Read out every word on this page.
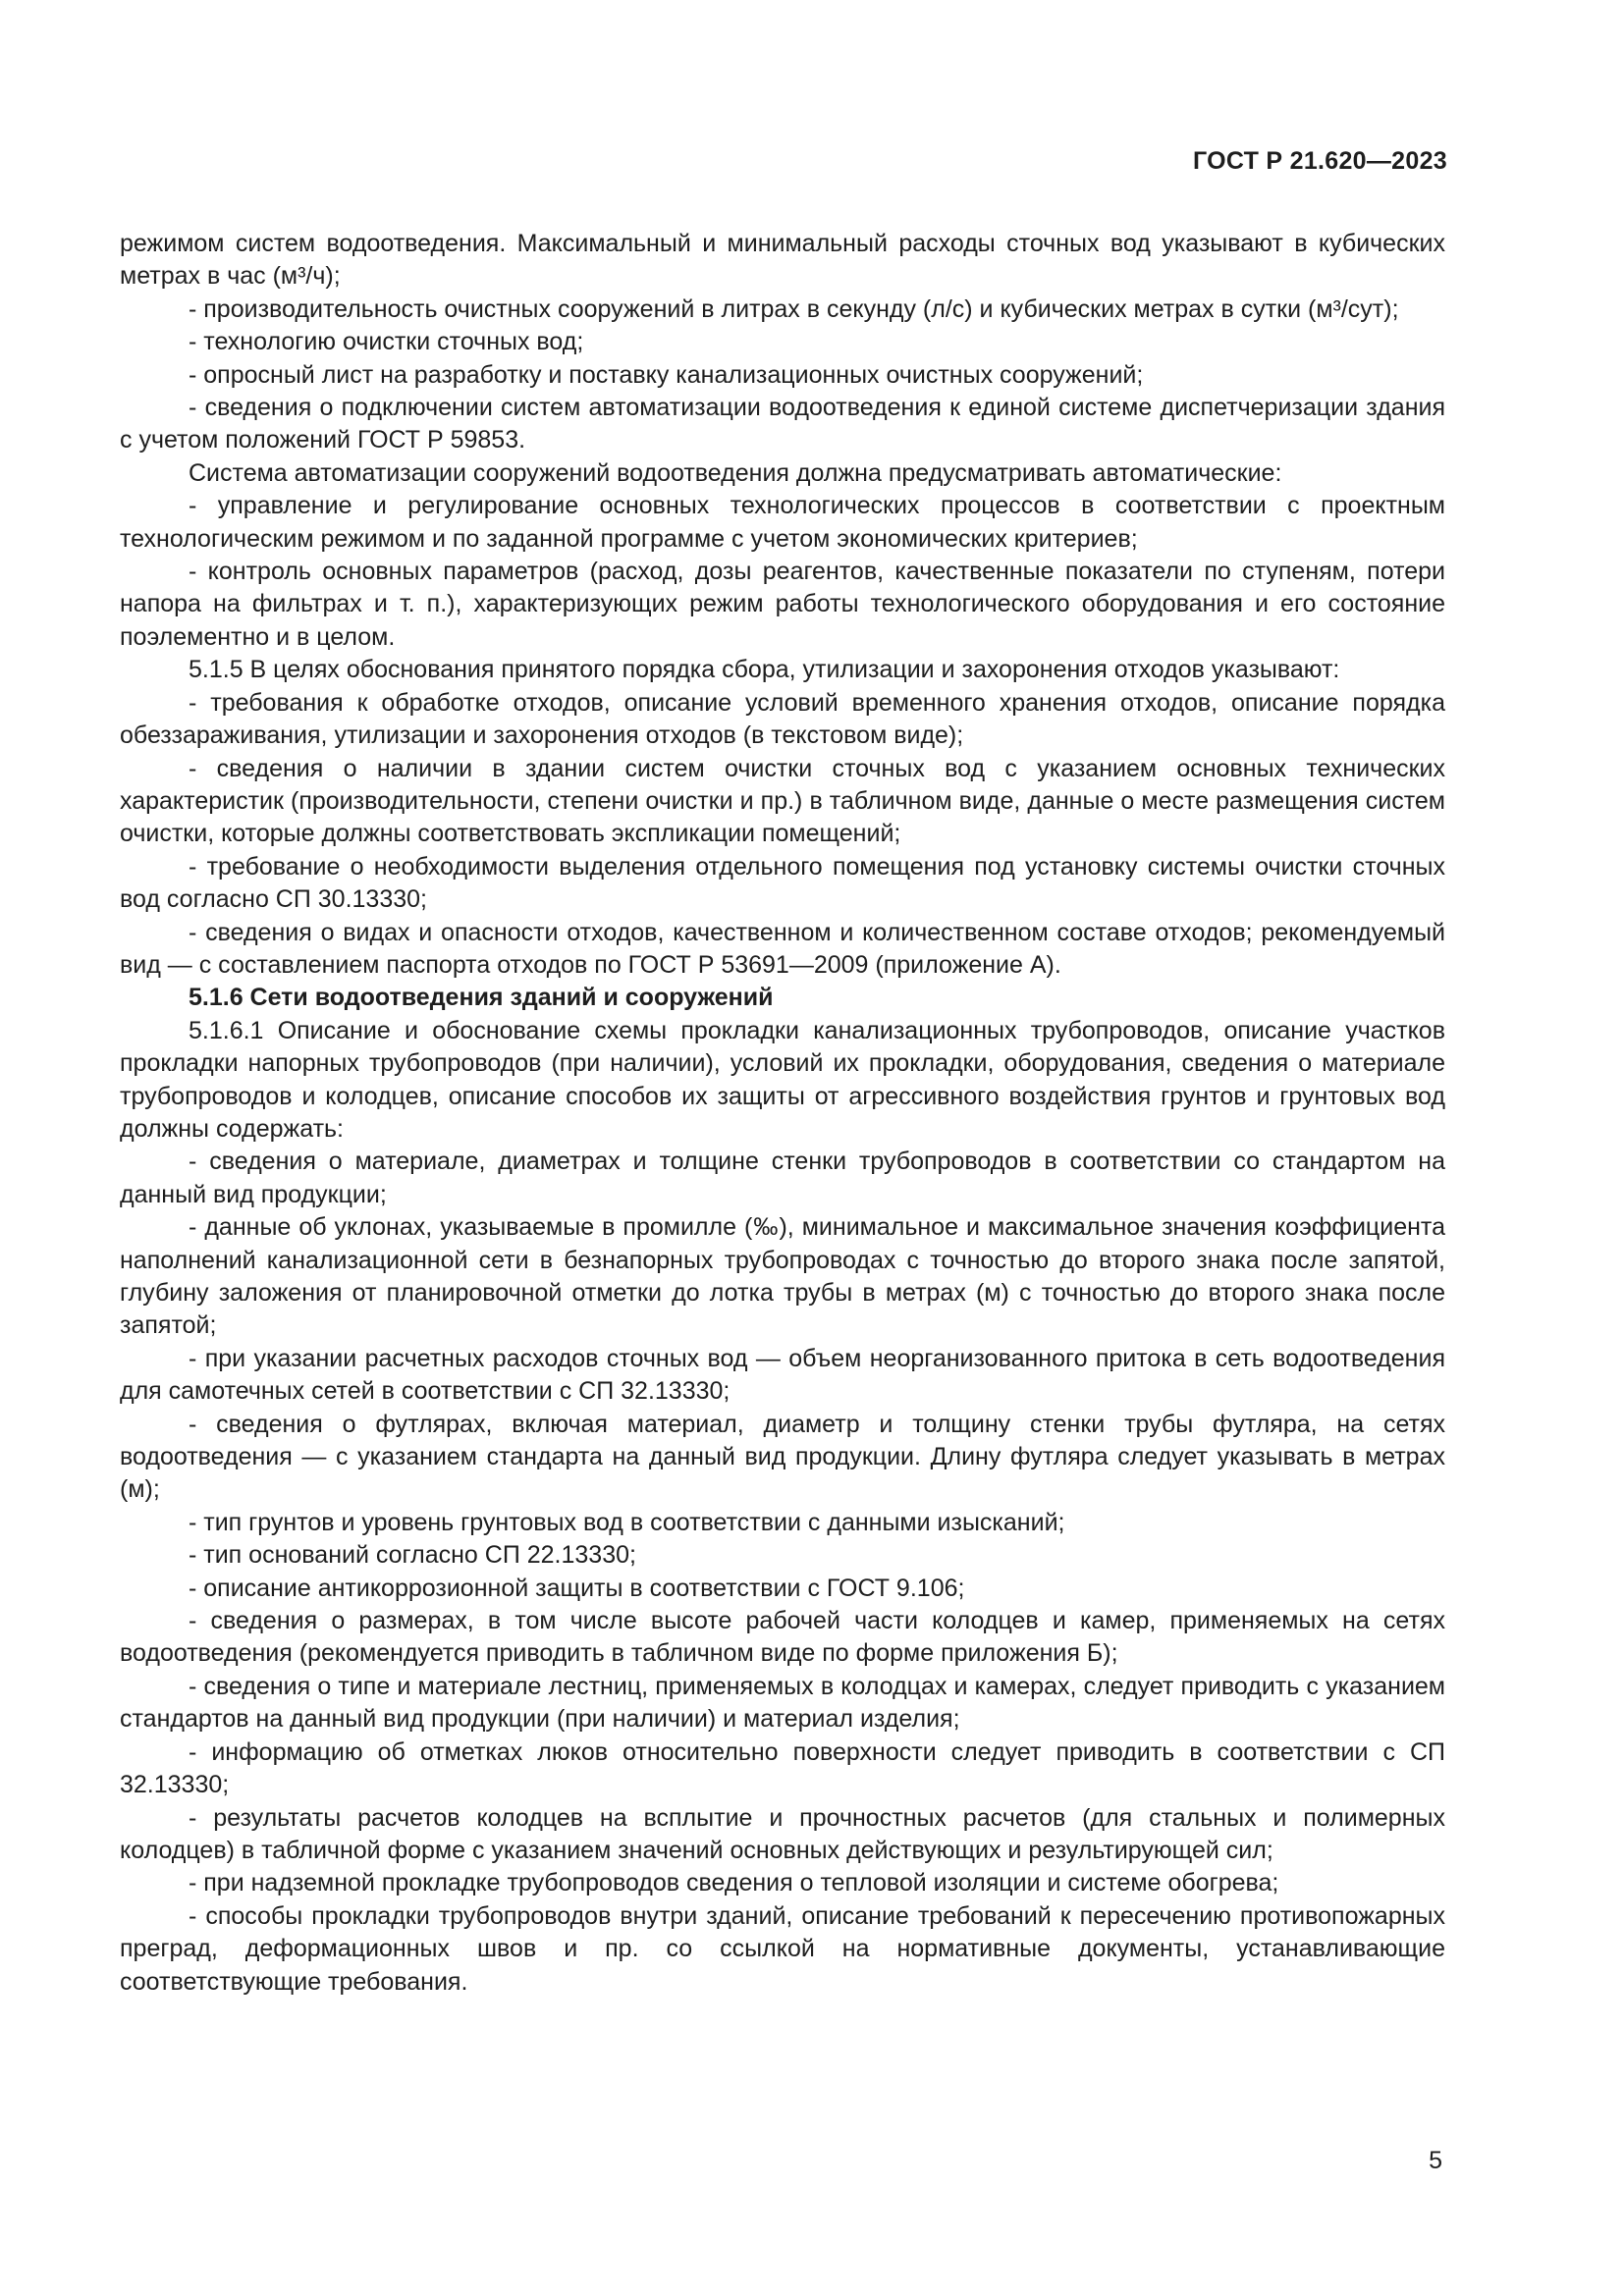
ГОСТ Р 21.620—2023

режимом систем водоотведения. Максимальный и минимальный расходы сточных вод указывают в кубических метрах в час (м³/ч);

- производительность очистных сооружений в литрах в секунду (л/с) и кубических метрах в сутки (м³/сут);

- технологию очистки сточных вод;

- опросный лист на разработку и поставку канализационных очистных сооружений;

- сведения о подключении систем автоматизации водоотведения к единой системе диспетчеризации здания с учетом положений ГОСТ Р 59853.

Система автоматизации сооружений водоотведения должна предусматривать автоматические:

- управление и регулирование основных технологических процессов в соответствии с проектным технологическим режимом и по заданной программе с учетом экономических критериев;

- контроль основных параметров (расход, дозы реагентов, качественные показатели по ступеням, потери напора на фильтрах и т. п.), характеризующих режим работы технологического оборудования и его состояние поэлементно и в целом.

5.1.5 В целях обоснования принятого порядка сбора, утилизации и захоронения отходов указывают:

- требования к обработке отходов, описание условий временного хранения отходов, описание порядка обеззараживания, утилизации и захоронения отходов (в текстовом виде);

- сведения о наличии в здании систем очистки сточных вод с указанием основных технических характеристик (производительности, степени очистки и пр.) в табличном виде, данные о месте размещения систем очистки, которые должны соответствовать экспликации помещений;

- требование о необходимости выделения отдельного помещения под установку системы очистки сточных вод согласно СП 30.13330;

- сведения о видах и опасности отходов, качественном и количественном составе отходов; рекомендуемый вид — с составлением паспорта отходов по ГОСТ Р 53691—2009 (приложение А).

5.1.6 Сети водоотведения зданий и сооружений

5.1.6.1 Описание и обоснование схемы прокладки канализационных трубопроводов, описание участков прокладки напорных трубопроводов (при наличии), условий их прокладки, оборудования, сведения о материале трубопроводов и колодцев, описание способов их защиты от агрессивного воздействия грунтов и грунтовых вод должны содержать:

- сведения о материале, диаметрах и толщине стенки трубопроводов в соответствии со стандартом на данный вид продукции;

- данные об уклонах, указываемые в промилле (‰), минимальное и максимальное значения коэффициента наполнений канализационной сети в безнапорных трубопроводах с точностью до второго знака после запятой, глубину заложения от планировочной отметки до лотка трубы в метрах (м) с точностью до второго знака после запятой;

- при указании расчетных расходов сточных вод — объем неорганизованного притока в сеть водоотведения для самотечных сетей в соответствии с СП 32.13330;

- сведения о футлярах, включая материал, диаметр и толщину стенки трубы футляра, на сетях водоотведения — с указанием стандарта на данный вид продукции. Длину футляра следует указывать в метрах (м);

- тип грунтов и уровень грунтовых вод в соответствии с данными изысканий;

- тип оснований согласно СП 22.13330;

- описание антикоррозионной защиты в соответствии с ГОСТ 9.106;

- сведения о размерах, в том числе высоте рабочей части колодцев и камер, применяемых на сетях водоотведения (рекомендуется приводить в табличном виде по форме приложения Б);

- сведения о типе и материале лестниц, применяемых в колодцах и камерах, следует приводить с указанием стандартов на данный вид продукции (при наличии) и материал изделия;

- информацию об отметках люков относительно поверхности следует приводить в соответствии с СП 32.13330;

- результаты расчетов колодцев на всплытие и прочностных расчетов (для стальных и полимерных колодцев) в табличной форме с указанием значений основных действующих и результирующей сил;

- при надземной прокладке трубопроводов сведения о тепловой изоляции и системе обогрева;

- способы прокладки трубопроводов внутри зданий, описание требований к пересечению противопожарных преград, деформационных швов и пр. со ссылкой на нормативные документы, устанавливающие соответствующие требования.

5
